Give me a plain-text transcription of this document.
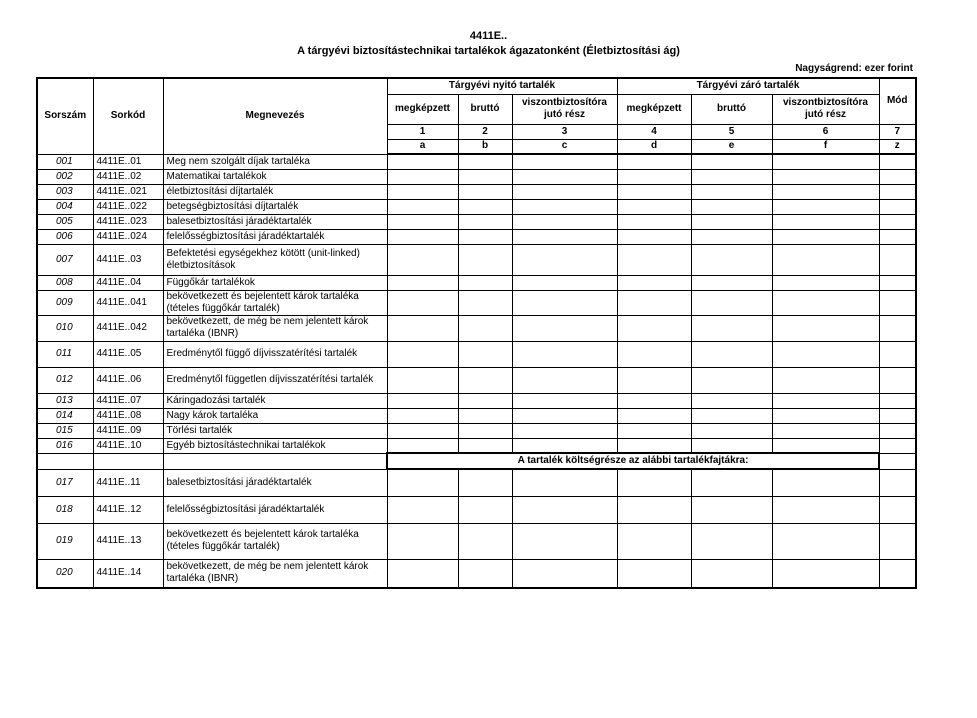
4411E..
A tárgyévi biztosítástechnikai tartalékok ágazatonként (Életbiztosítási ág)
Nagyságrend: ezer forint
Sorszám	Sorkód	Megnevezés	Tárgyévi nyitó tartalék			Tárgyévi záró tartalék			Mód
			megképzett	bruttó	viszontbiztosítóra jutó rész	megképzett	bruttó	viszontbiztosítóra jutó rész	
			1	2	3	4	5	6	7
			a	b	c	d	e	f	z
001	4411E..01	Meg nem szolgált díjak tartaléka							
002	4411E..02	Matematikai tartalékok							
003	4411E..021	életbiztosítási díjtartalék							
004	4411E..022	betegségbiztosítási díjtartalék							
005	4411E..023	balesetbiztosítási járadéktartalék							
006	4411E..024	felelősségbiztosítási járadéktartalék							
007	4411E..03	Befektetési egységekhez kötött (unit-linked) életbiztosítások							
008	4411E..04	Függőkár tartalékok							
009	4411E..041	bekövetkezett és bejelentett károk tartaléka (tételes függőkár tartalék)							
010	4411E..042	bekövetkezett, de még be nem jelentett károk tartaléka (IBNR)							
011	4411E..05	Eredménytől függő díjvisszatérítési tartalék							
012	4411E..06	Eredménytől független díjvisszatérítési tartalék							
013	4411E..07	Káringadozási tartalék							
014	4411E..08	Nagy károk tartaléka							
015	4411E..09	Törlési tartalék							
016	4411E..10	Egyéb biztosítástechnikai tartalékok							
			A tartalék költségrésze az alábbi tartalékfajtákra:						
017	4411E..11	balesetbiztosítási járadéktartalék							
018	4411E..12	felelősségbiztosítási járadéktartalék							
019	4411E..13	bekövetkezett és bejelentett károk tartaléka (tételes függőkár tartalék)							
020	4411E..14	bekövetkezett, de még be nem jelentett károk tartaléka (IBNR)							
